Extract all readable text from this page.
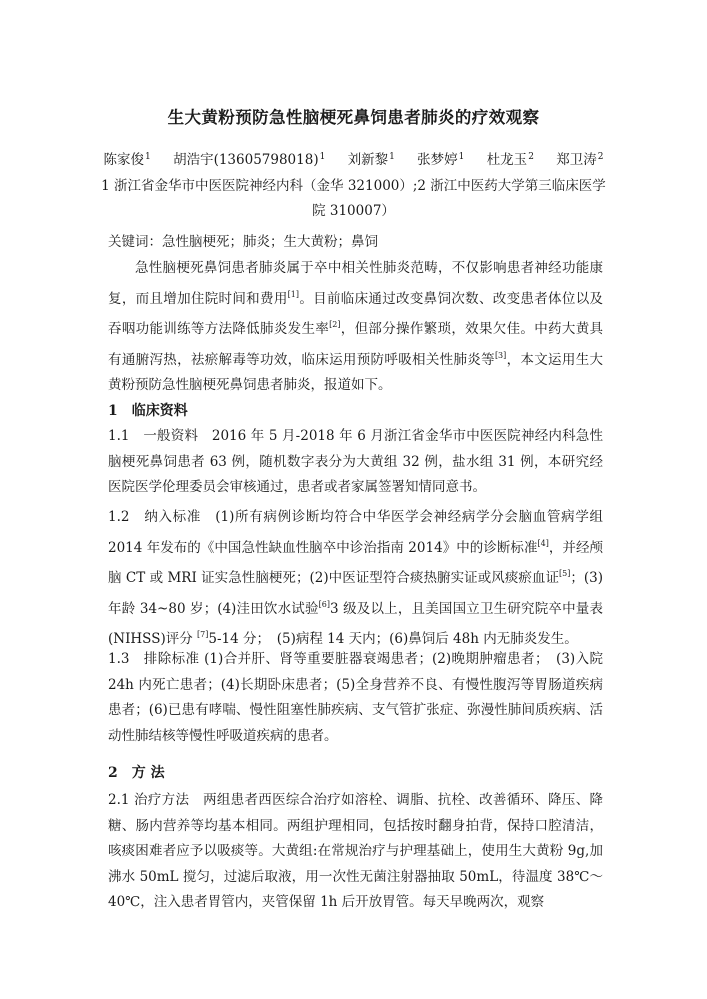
生大黄粉预防急性脑梗死鼻饲患者肺炎的疗效观察
陈家俊$^1$ 胡浩宇$(13605798018)^1$ 刘新黎$^1$ 张梦婷$^1$ 杜龙玉$^2$ 郑卫涛$^2$
1 浙江省金华市中医医院神经内科（金华 321000）;2 浙江中医药大学第三临床医学院 310007）
关键词：急性脑梗死；肺炎；生大黄粉；鼻饲
急性脑梗死鼻饲患者肺炎属于卒中相关性肺炎范畴，不仅影响患者神经功能康复，而且增加住院时间和费用[1]。目前临床通过改变鼻饲次数、改变患者体位以及吞咽功能训练等方法降低肺炎发生率[2]，但部分操作繁琐，效果欠佳。中药大黄具有通腑泻热，祛瘀解毒等功效，临床运用预防呼吸相关性肺炎等[3]，本文运用生大黄粉预防急性脑梗死鼻饲患者肺炎，报道如下。
1 临床资料
1.1　一般资料　2016 年 5 月-2018 年 6 月浙江省金华市中医医院神经内科急性脑梗死鼻饲患者 63 例，随机数字表分为大黄组 32 例，盐水组 31 例，本研究经医院医学伦理委员会审核通过，患者或者家属签署知情同意书。
1.2　纳入标准　(1)所有病例诊断均符合中华医学会神经病学分会脑血管病学组 2014 年发布的《中国急性缺血性脑卒中诊治指南 2014》中的诊断标准[4]，并经颅脑 CT 或 MRI 证实急性脑梗死；(2)中医证型符合痰热腑实证或风痰瘀血证[5]；(3)年龄 34~80 岁；(4)洼田饮水试验[6]3 级及以上，且美国国立卫生研究院卒中量表(NIHSS)评分 [7]5-14 分；　(5)病程 14 天内；(6)鼻饲后 48h 内无肺炎发生。
1.3　排除标准 (1)合并肝、肾等重要脏器衰竭患者；(2)晚期肿瘤患者；　(3)入院 24h 内死亡患者；(4)长期卧床患者；(5)全身营养不良、有慢性腹泻等胃肠道疾病患者；(6)已患有哮喘、慢性阻塞性肺疾病、支气管扩张症、弥漫性肺间质疾病、活动性肺结核等慢性呼吸道疾病的患者。
2 方 法
2.1 治疗方法　两组患者西医综合治疗如溶栓、调脂、抗栓、改善循环、降压、降糖、肠内营养等均基本相同。两组护理相同，包括按时翻身拍背，保持口腔清洁，咳痰困难者应予以吸痰等。大黄组:在常规治疗与护理基础上，使用生大黄粉 9g,加沸水 50mL 搅匀，过滤后取液，用一次性无菌注射器抽取 50mL，待温度 38℃～40℃，注入患者胃管内，夹管保留 1h 后开放胃管。每天早晚两次，观察
